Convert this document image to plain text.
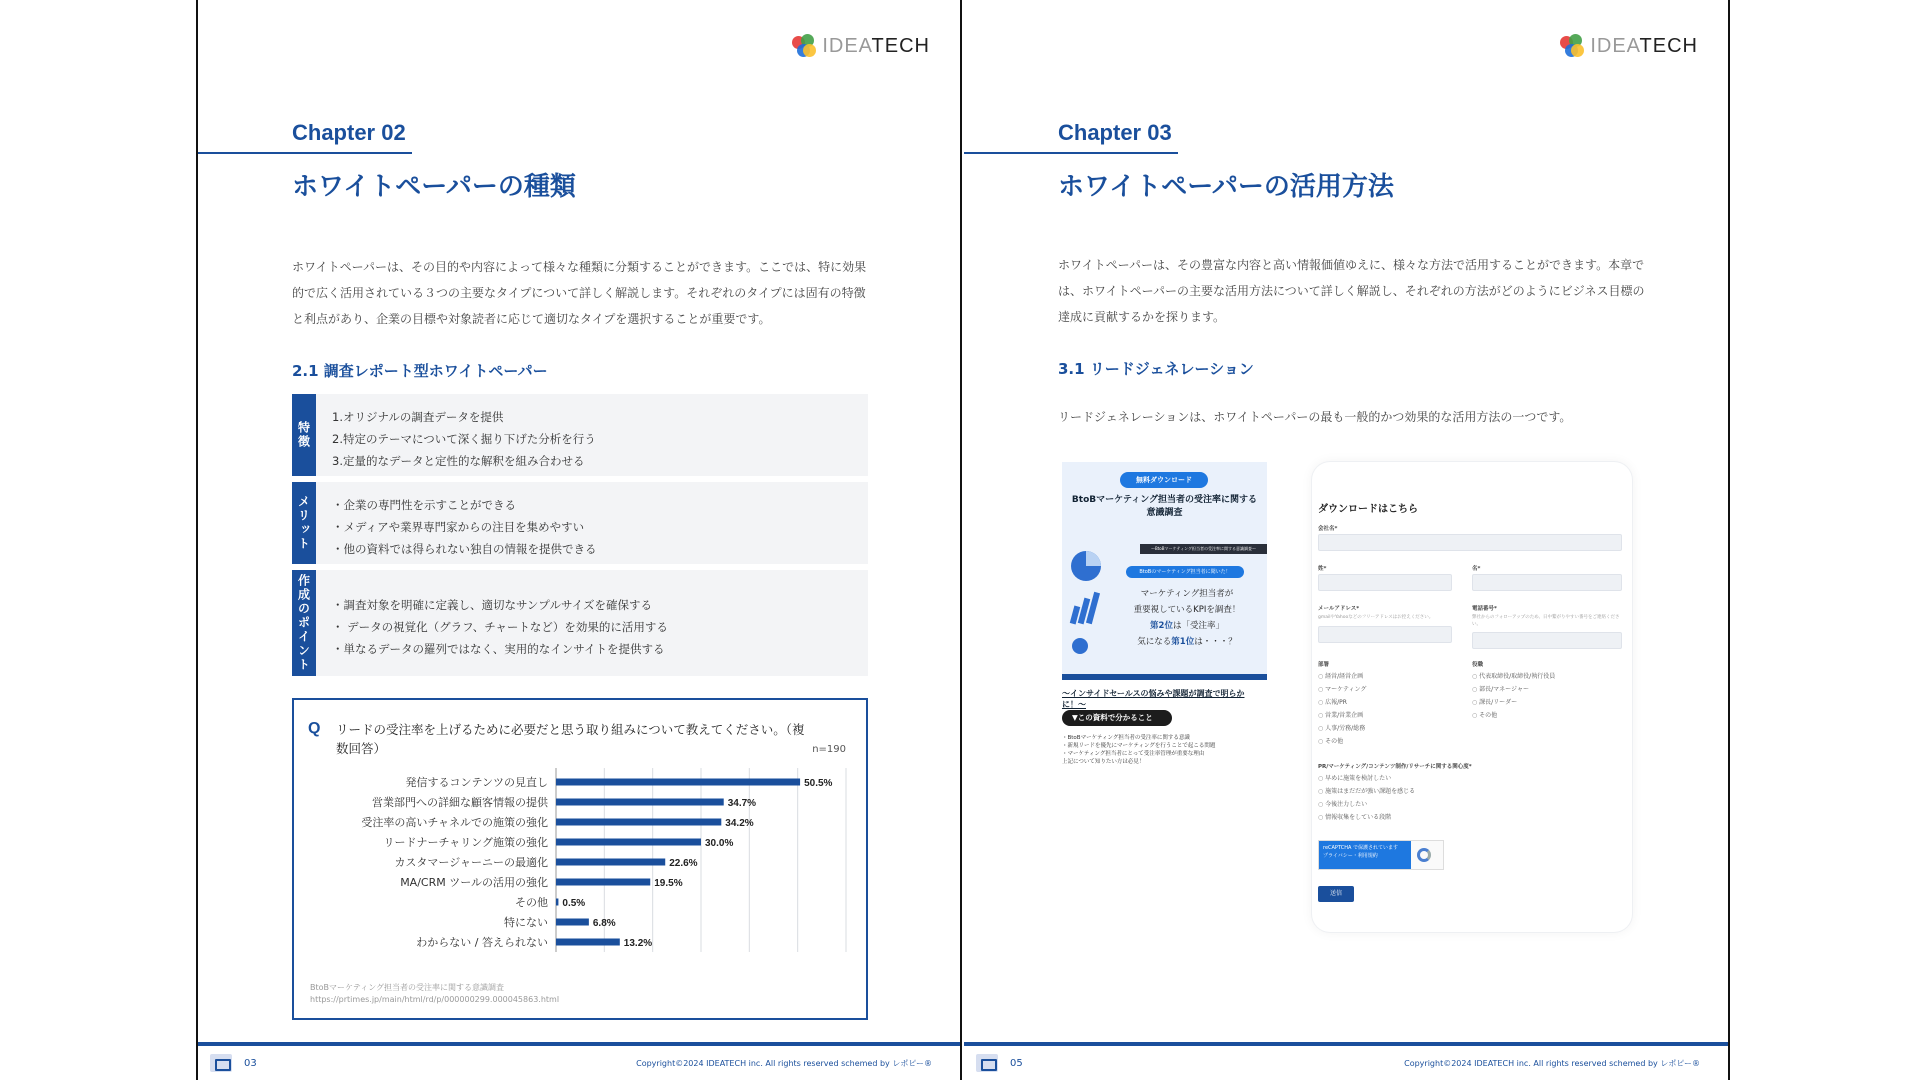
IDEATECH
Chapter 02
ホワイトペーパーの種類
ホワイトペーパーは、その目的や内容によって様々な種類に分類することができます。ここでは、特に効果的で広く活用されている３つの主要なタイプについて詳しく解説します。それぞれのタイプには固有の特徴と利点があり、企業の目標や対象読者に応じて適切なタイプを選択することが重要です。
2.1 調査レポート型ホワイトペーパー
特徴
1.オリジナルの調査データを提供
2.特定のテーマについて深く掘り下げた分析を行う
3.定量的なデータと定性的な解釈を組み合わせる
メリット	・企業の専門性を示すことができる
・メディアや業界専門家からの注目を集めやすい
・他の資料では得られない独自の情報を提供できる
作成のポイント	・調査対象を明確に定義し、適切なサンプルサイズを確保する
・ データの視覚化（グラフ、チャートなど）を効果的に活用する
・単なるデータの羅列ではなく、実用的なインサイトを提供する
Q リードの受注率を上げるために必要だと思う取り組みについて教えてください。（複数回答）	n=190
発信するコンテンツの見直し	50.5%
営業部門への詳細な顧客情報の提供	34.7%
受注率の高いチャネルでの施策の強化	34.2%
リードナーチャリング施策の強化	30.0%
カスタマージャーニーの最適化	22.6%
MA/CRM ツールの活用の強化	19.5%
その他 0.5%
特にない	6.8%
わからない / 答えられない	13.2%
BtoBマーケティング担当者の受注率に関する意識調査
https://prtimes.jp/main/html/rd/p/000000299.000045863.html
03	Copyright©2024 IDEATECH inc. All rights reserved schemed by レポピー®
IDEATECH
Chapter 03
ホワイトペーパーの活用方法
ホワイトペーパーは、その豊富な内容と高い情報価値ゆえに、様々な方法で活用することができます。本章では、ホワイトペーパーの主要な活用方法について詳しく解説し、それぞれの方法がどのようにビジネス目標の達成に貢献するかを探ります。
3.1 リードジェネレーション
リードジェネレーションは、ホワイトペーパーの最も一般的かつ効果的な活用方法の一つです。
無料ダウンロード
BtoBマーケティング担当者の受注率に関する意識調査
〜BtoBマーケティング担当者の受注率に関する意識調査〜
BtoBのマーケティング担当者に聞いた！
マーケティング担当者が
重要視しているKPIを調査！
第2位は「受注率」
気になる第1位は・・・？
〜インサイドセールスの悩みや課題が調査で明らかに！〜
▼この資料で分かること
・BtoBマーケティング担当者の受注率に関する意識
・新規リードを優先にマーケティングを行うことで起こる問題
・マーケティング担当者にとって受注率管理が重要な理由
上記について知りたい方は必見！
ダウンロードはこちら
会社名*
姓*	名*
メールアドレス*
gmailやYahooなどのフリーアドレスはお控えください。
電話番号*
弊社からのフォローアップのため、日中繋がりやすい番号をご連絡ください。
部署
○ 経営/経営企画
○ マーケティング
○ 広報/PR
○ 営業/営業企画
○ 人事/労務/総務
○ その他
役職
○ 代表取締役/取締役/執行役員
○ 部長/マネージャー
○ 課長/リーダー
○ その他
PR/マーケティング/コンテンツ制作/リサーチに関する関心度*
○ 早めに施策を検討したい
○ 施策はまだだが強い課題を感じる
○ 今後注力したい
○ 情報収集をしている段階
reCAPTCHA で保護されています
プライバシー・利用規約
送信
05	Copyright©2024 IDEATECH inc. All rights reserved schemed by レポピー®
